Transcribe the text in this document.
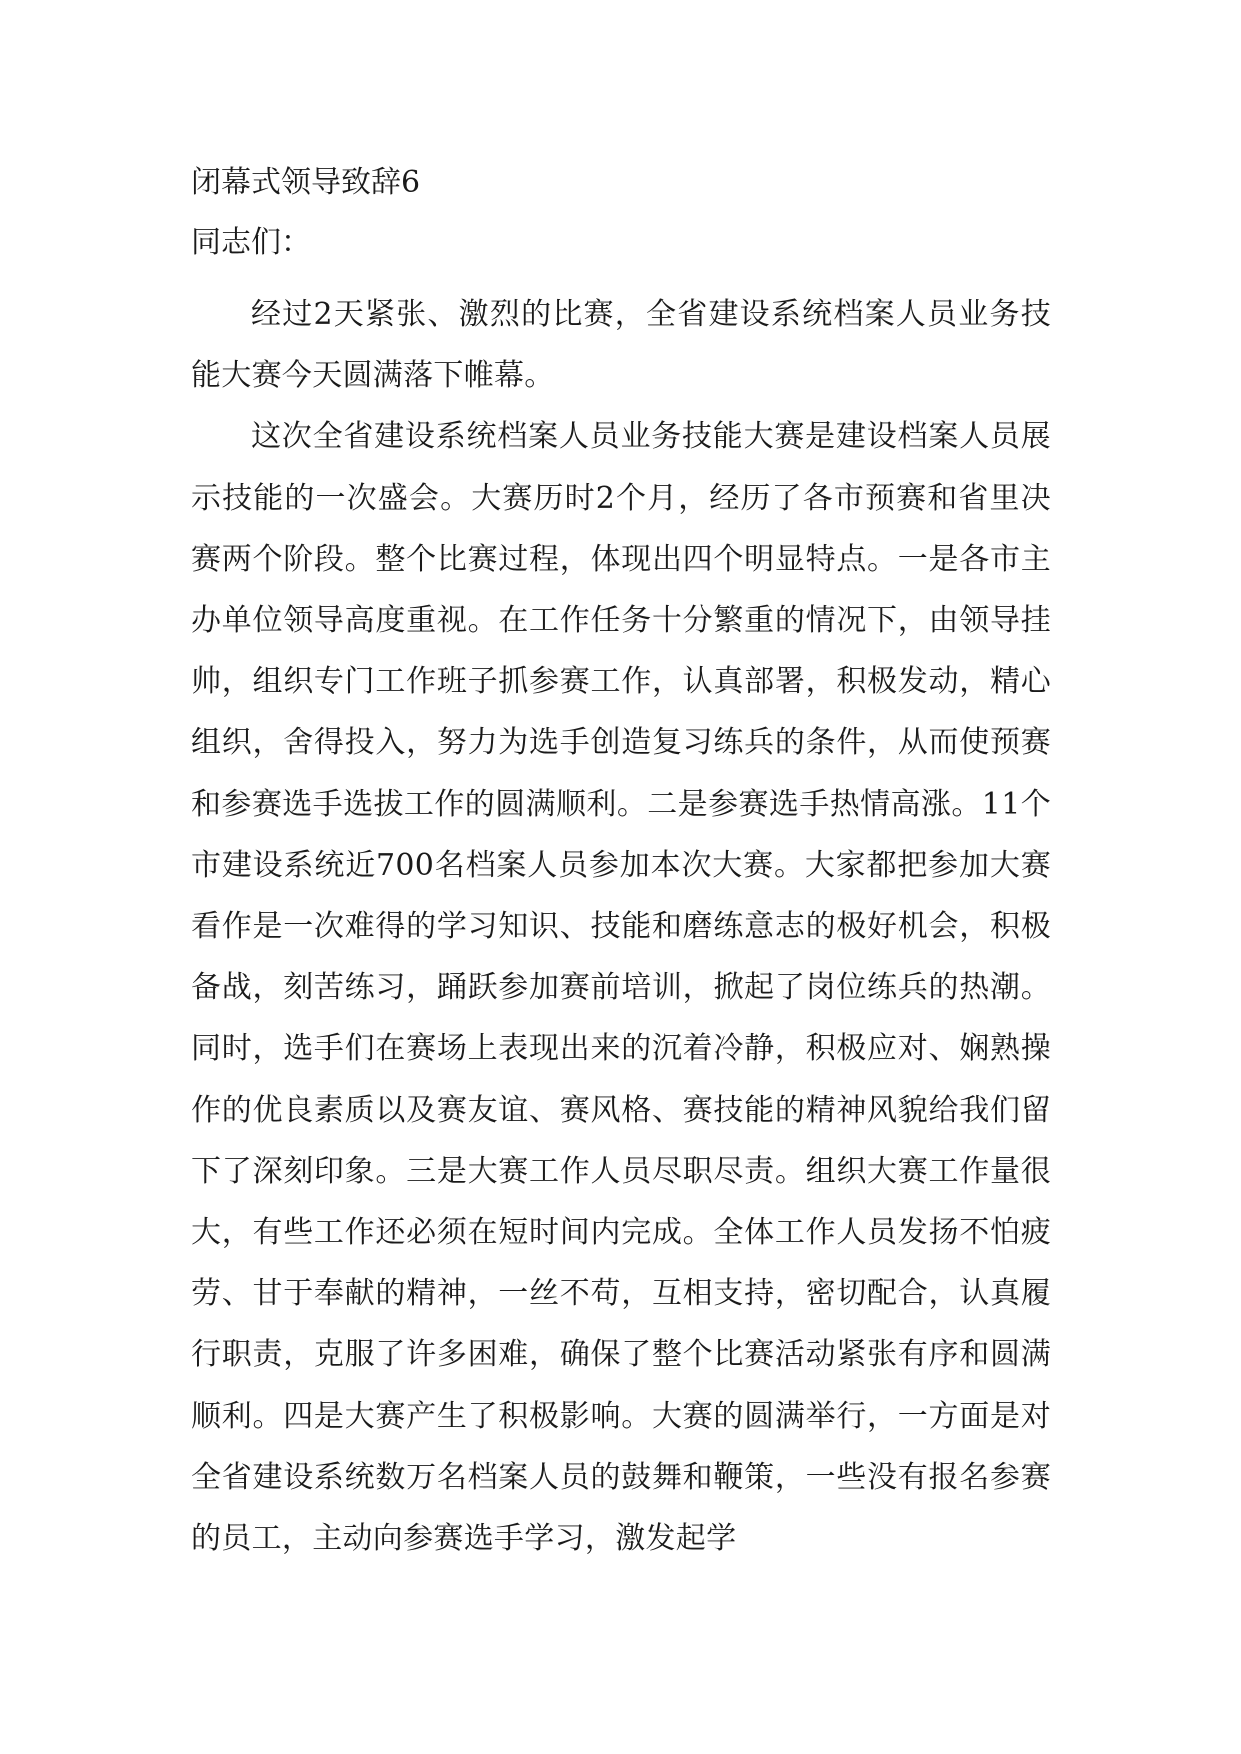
闭幕式领导致辞6
同志们：

经过2天紧张、激烈的比赛，全省建设系统档案人员业务技能大赛今天圆满落下帷幕。

这次全省建设系统档案人员业务技能大赛是建设档案人员展示技能的一次盛会。大赛历时2个月，经历了各市预赛和省里决赛两个阶段。整个比赛过程，体现出四个明显特点。一是各市主办单位领导高度重视。在工作任务十分繁重的情况下，由领导挂帅，组织专门工作班子抓参赛工作，认真部署，积极发动，精心组织，舍得投入，努力为选手创造复习练兵的条件，从而使预赛和参赛选手选拔工作的圆满顺利。二是参赛选手热情高涨。11个市建设系统近700名档案人员参加本次大赛。大家都把参加大赛看作是一次难得的学习知识、技能和磨练意志的极好机会，积极备战，刻苦练习，踊跃参加赛前培训，掀起了岗位练兵的热潮。同时，选手们在赛场上表现出来的沉着冷静，积极应对、娴熟操作的优良素质以及赛友谊、赛风格、赛技能的精神风貌给我们留下了深刻印象。三是大赛工作人员尽职尽责。组织大赛工作量很大，有些工作还必须在短时间内完成。全体工作人员发扬不怕疲劳、甘于奉献的精神，一丝不苟，互相支持，密切配合，认真履行职责，克服了许多困难，确保了整个比赛活动紧张有序和圆满顺利。四是大赛产生了积极影响。大赛的圆满举行，一方面是对全省建设系统数万名档案人员的鼓舞和鞭策，一些没有报名参赛的员工，主动向参赛选手学习，激发起学
